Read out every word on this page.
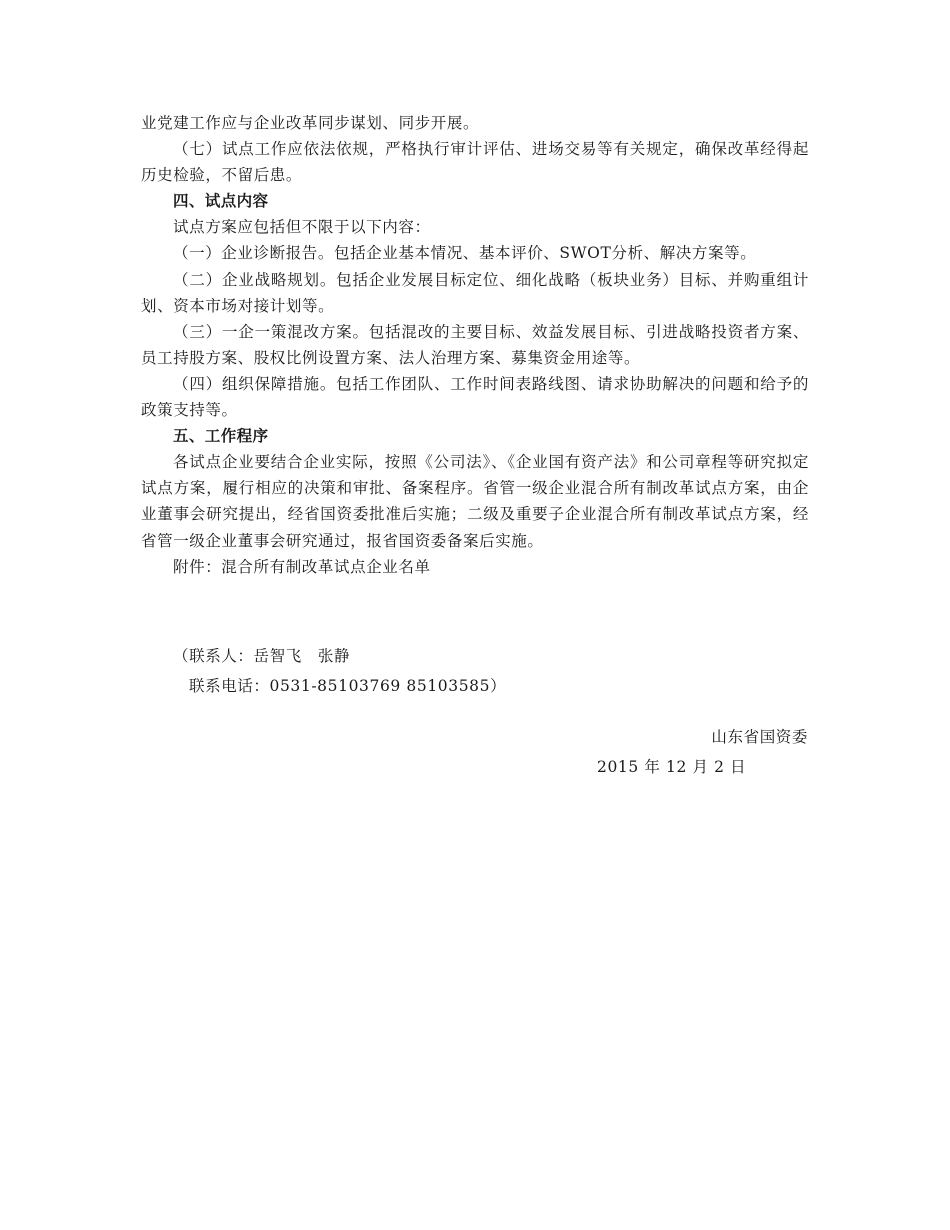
业党建工作应与企业改革同步谋划、同步开展。

（七）试点工作应依法依规，严格执行审计评估、进场交易等有关规定，确保改革经得起历史检验，不留后患。

四、试点内容

试点方案应包括但不限于以下内容：

（一）企业诊断报告。包括企业基本情况、基本评价、SWOT分析、解决方案等。

（二）企业战略规划。包括企业发展目标定位、细化战略（板块业务）目标、并购重组计划、资本市场对接计划等。

（三）一企一策混改方案。包括混改的主要目标、效益发展目标、引进战略投资者方案、员工持股方案、股权比例设置方案、法人治理方案、募集资金用途等。

（四）组织保障措施。包括工作团队、工作时间表路线图、请求协助解决的问题和给予的政策支持等。

五、工作程序

各试点企业要结合企业实际，按照《公司法》、《企业国有资产法》和公司章程等研究拟定试点方案，履行相应的决策和审批、备案程序。省管一级企业混合所有制改革试点方案，由企业董事会研究提出，经省国资委批准后实施；二级及重要子企业混合所有制改革试点方案，经省管一级企业董事会研究通过，报省国资委备案后实施。

附件：混合所有制改革试点企业名单

（联系人：岳智飞　张静
联系电话：0531-85103769 85103585）
山东省国资委
2015 年 12 月 2 日
